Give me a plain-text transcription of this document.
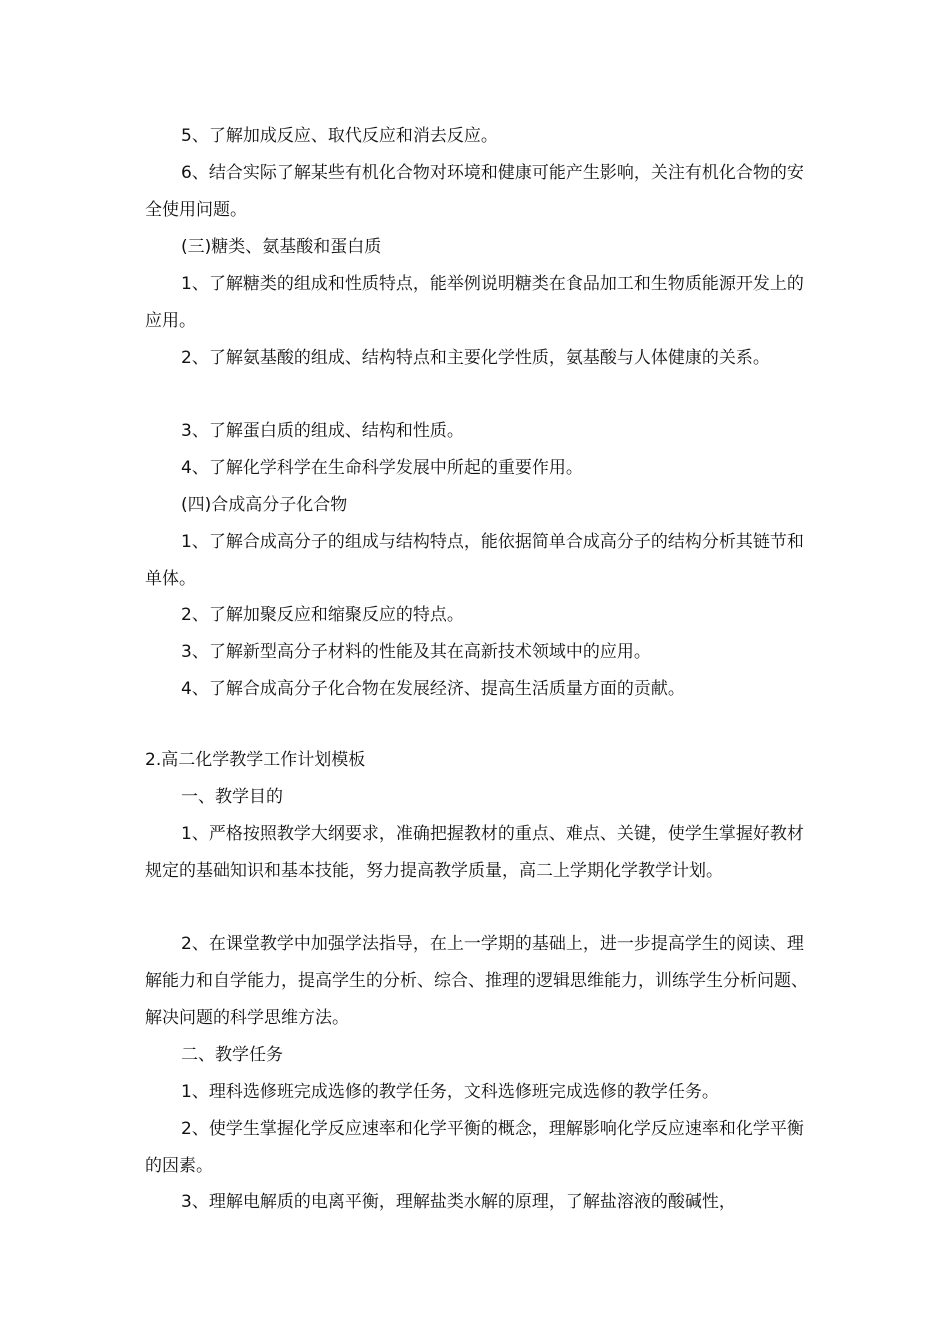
5、了解加成反应、取代反应和消去反应。

6、结合实际了解某些有机化合物对环境和健康可能产生影响，关注有机化合物的安全使用问题。

(三)糖类、氨基酸和蛋白质

1、了解糖类的组成和性质特点，能举例说明糖类在食品加工和生物质能源开发上的应用。

2、了解氨基酸的组成、结构特点和主要化学性质，氨基酸与人体健康的关系。

3、了解蛋白质的组成、结构和性质。

4、了解化学科学在生命科学发展中所起的重要作用。

(四)合成高分子化合物

1、了解合成高分子的组成与结构特点，能依据简单合成高分子的结构分析其链节和单体。

2、了解加聚反应和缩聚反应的特点。

3、了解新型高分子材料的性能及其在高新技术领域中的应用。

4、了解合成高分子化合物在发展经济、提高生活质量方面的贡献。

2.高二化学教学工作计划模板

一、教学目的

1、严格按照教学大纲要求，准确把握教材的重点、难点、关键，使学生掌握好教材规定的基础知识和基本技能，努力提高教学质量，高二上学期化学教学计划。

2、在课堂教学中加强学法指导，在上一学期的基础上，进一步提高学生的阅读、理解能力和自学能力，提高学生的分析、综合、推理的逻辑思维能力，训练学生分析问题、解决问题的科学思维方法。

二、教学任务

1、理科选修班完成选修的教学任务，文科选修班完成选修的教学任务。

2、使学生掌握化学反应速率和化学平衡的概念，理解影响化学反应速率和化学平衡的因素。

3、理解电解质的电离平衡，理解盐类水解的原理，了解盐溶液的酸碱性，
